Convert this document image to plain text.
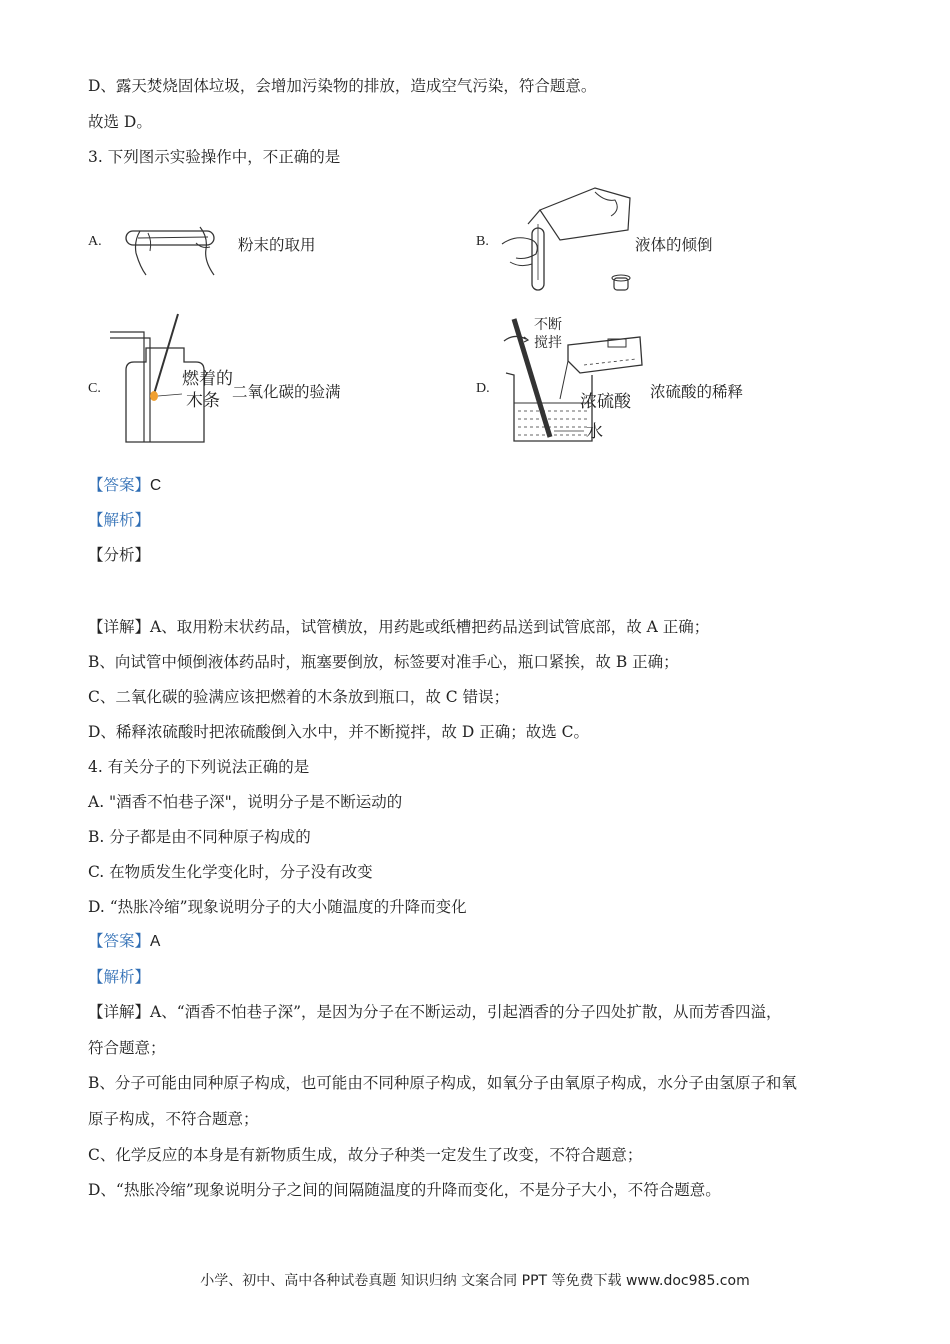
D、露天焚烧固体垃圾，会增加污染物的排放，造成空气污染，符合题意。
故选 D。
3. 下列图示实验操作中，不正确的是
A.	粉末的取用	B.	液体的倾倒
C.	燃着的
木条 二氧化碳的验满	D.
不断
搅拌
浓硫酸
水
浓硫酸的稀释
【答案】C
【解析】
【分析】
【详解】A、取用粉末状药品，试管横放，用药匙或纸槽把药品送到试管底部，故 A 正确；
B、向试管中倾倒液体药品时，瓶塞要倒放，标签要对准手心，瓶口紧挨，故 B 正确；
C、二氧化碳的验满应该把燃着的木条放到瓶口，故 C 错误；
D、稀释浓硫酸时把浓硫酸倒入水中，并不断搅拌，故 D 正确；故选 C。
4. 有关分子的下列说法正确的是
A. "酒香不怕巷子深"，说明分子是不断运动的
B. 分子都是由不同种原子构成的
C. 在物质发生化学变化时，分子没有改变
D. “热胀冷缩”现象说明分子的大小随温度的升降而变化
【答案】A
【解析】
【详解】A、“酒香不怕巷子深”，是因为分子在不断运动，引起酒香的分子四处扩散，从而芳香四溢，
符合题意；
B、分子可能由同种原子构成，也可能由不同种原子构成，如氧分子由氧原子构成，水分子由氢原子和氧
原子构成，不符合题意；
C、化学反应的本身是有新物质生成，故分子种类一定发生了改变，不符合题意；
D、“热胀冷缩”现象说明分子之间的间隔随温度的升降而变化，不是分子大小，不符合题意。
小学、初中、高中各种试卷真题 知识归纳 文案合同 PPT 等免费下载 www.doc985.com
